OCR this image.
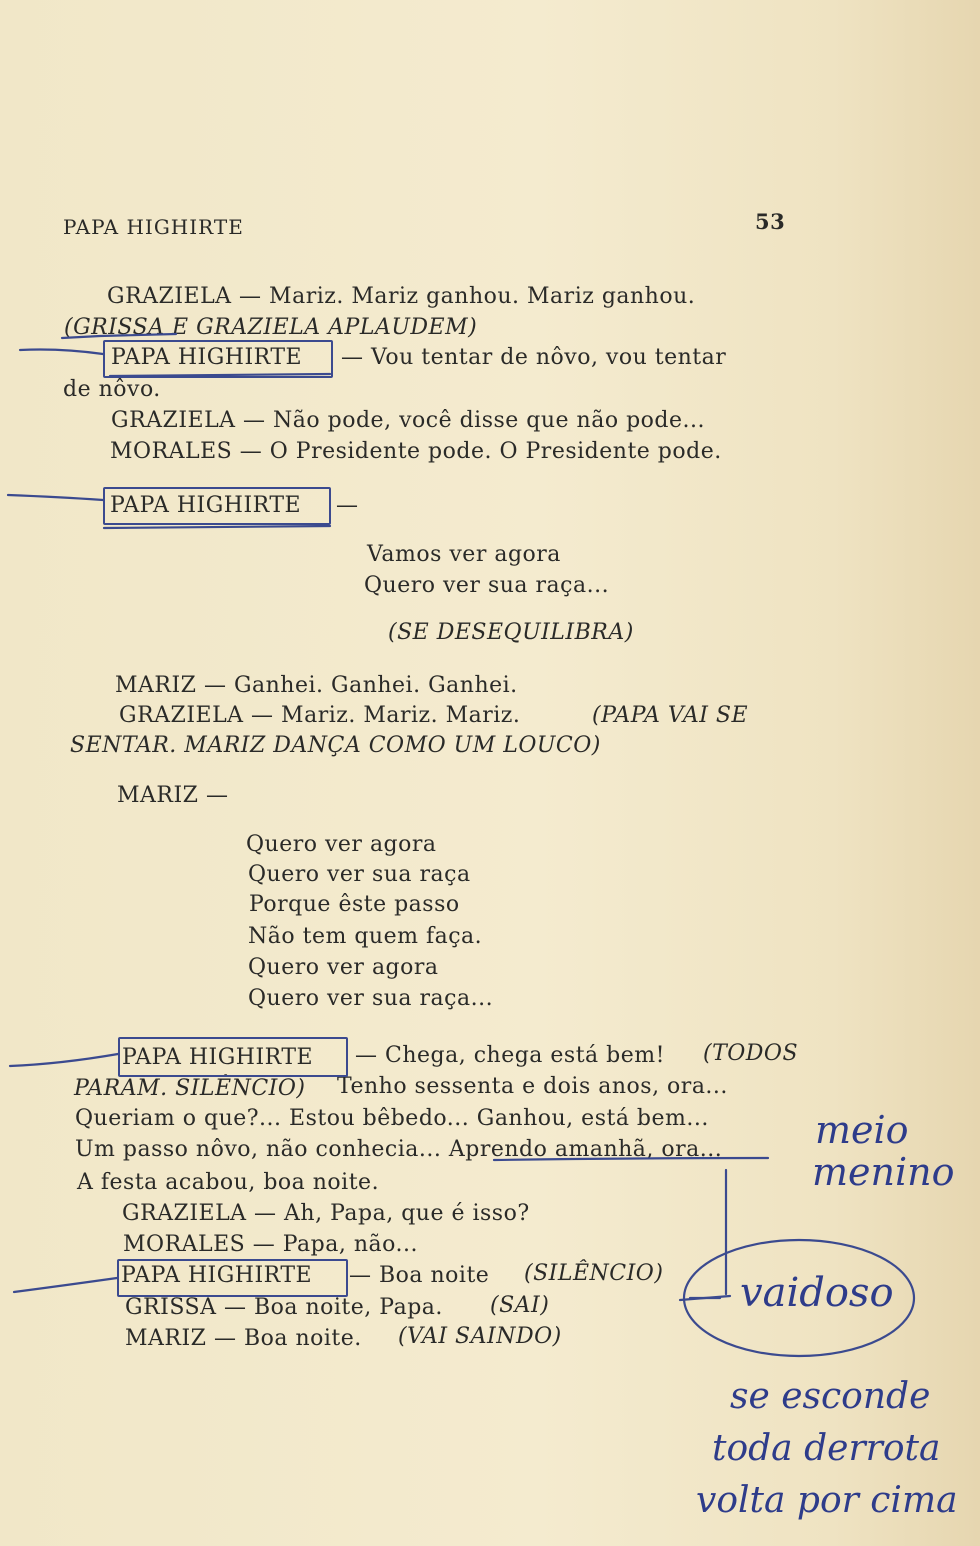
PAPA HIGHIRTE	53
GRAZIELA — Mariz. Mariz ganhou. Mariz ganhou.
(GRISSA E GRAZIELA APLAUDEM)
PAPA HIGHIRTE — Vou tentar de nôvo, vou tentar
de nôvo.
GRAZIELA — Não pode, você disse que não pode...
MORALES — O Presidente pode. O Presidente pode.
PAPA HIGHIRTE —
Vamos ver agora
Quero ver sua raça...
(SE DESEQUILIBRA)
MARIZ — Ganhei. Ganhei. Ganhei.
GRAZIELA — Mariz. Mariz. Mariz.	(PAPA VAI SE
SENTAR. MARIZ DANÇA COMO UM LOUCO)
MARIZ —
Quero ver agora
Quero ver sua raça
Porque êste passo
Não tem quem faça.
Quero ver agora
Quero ver sua raça...
PAPA HIGHIRTE — Chega, chega está bem! (TODOS
PARAM. SILÊNCIO) Tenho sessenta e dois anos, ora...
Queriam o que?... Estou bêbedo... Ganhou, está bem...
Um passo nôvo, não conhecia... Aprendo amanhã, ora...
A festa acabou, boa noite.
GRAZIELA — Ah, Papa, que é isso?
MORALES — Papa, não...
PAPA HIGHIRTE — Boa noite (SILÊNCIO)
GRISSA — Boa noite, Papa. (SAI)
MARIZ — Boa noite. (VAI SAINDO)
meio
menino
vaidoso
se esconde
toda derrota
volta por cima
